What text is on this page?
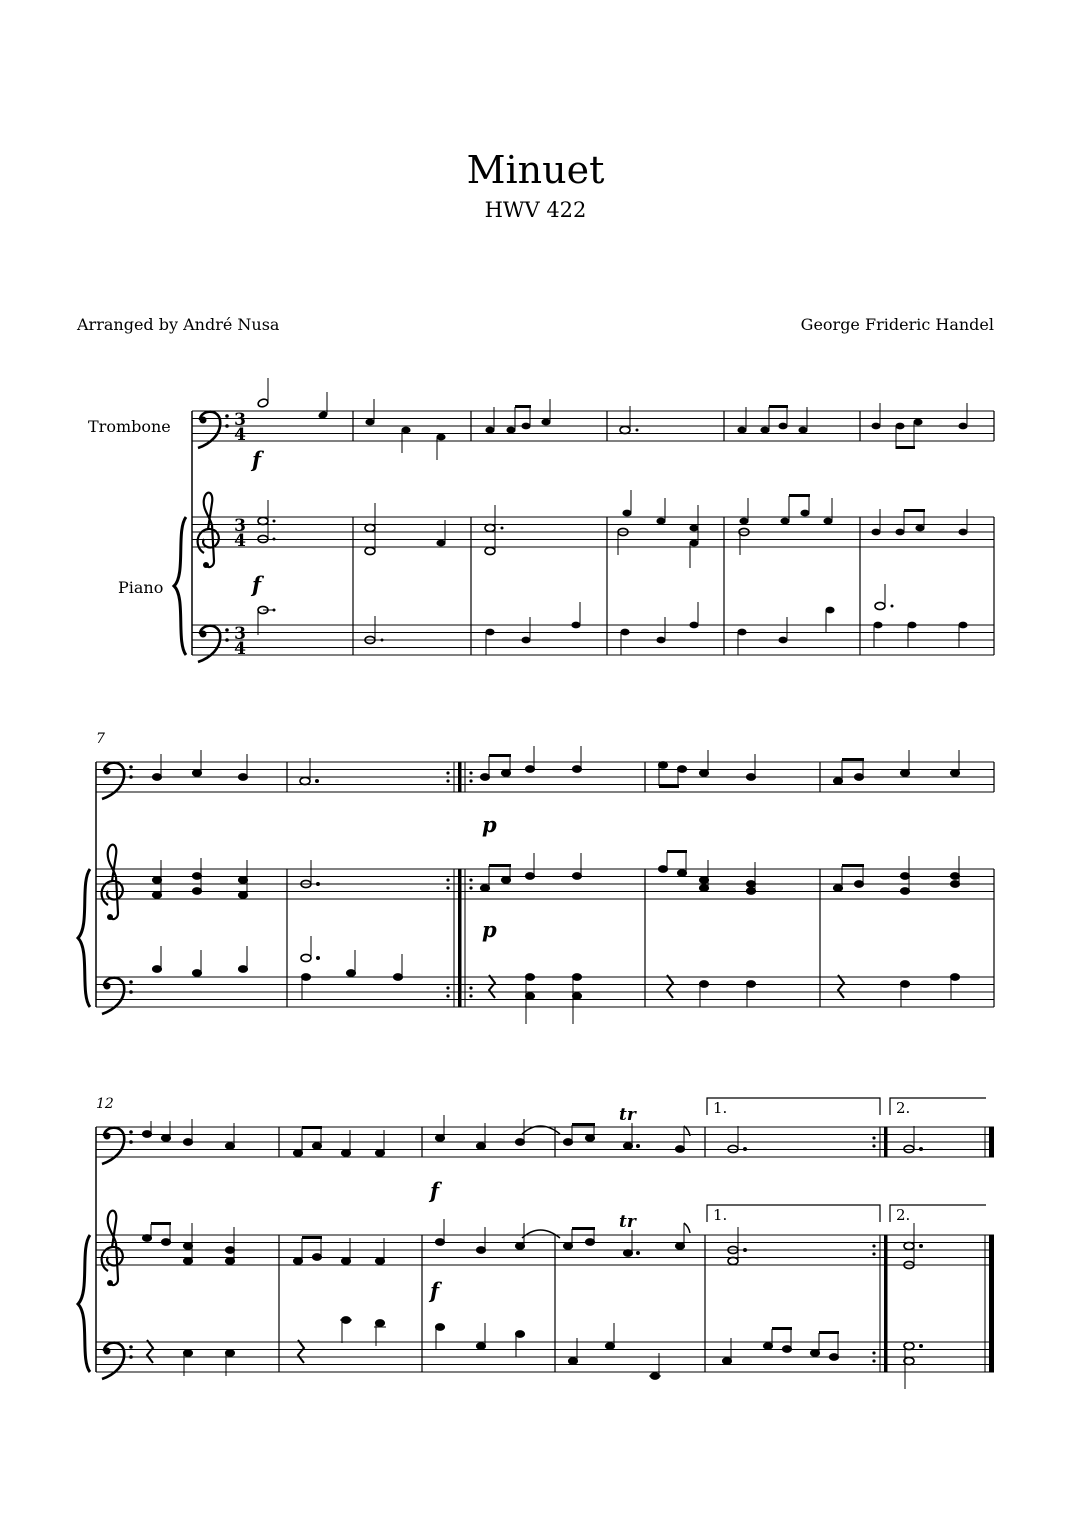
Minuet
HWV 422
Arranged by André Nusa	George Frideric Handel
3
4
3
4
3
4
f
f
Trombone
Piano
7
p
p
12	1.	2.
1.	2.
tr
tr
f
f
